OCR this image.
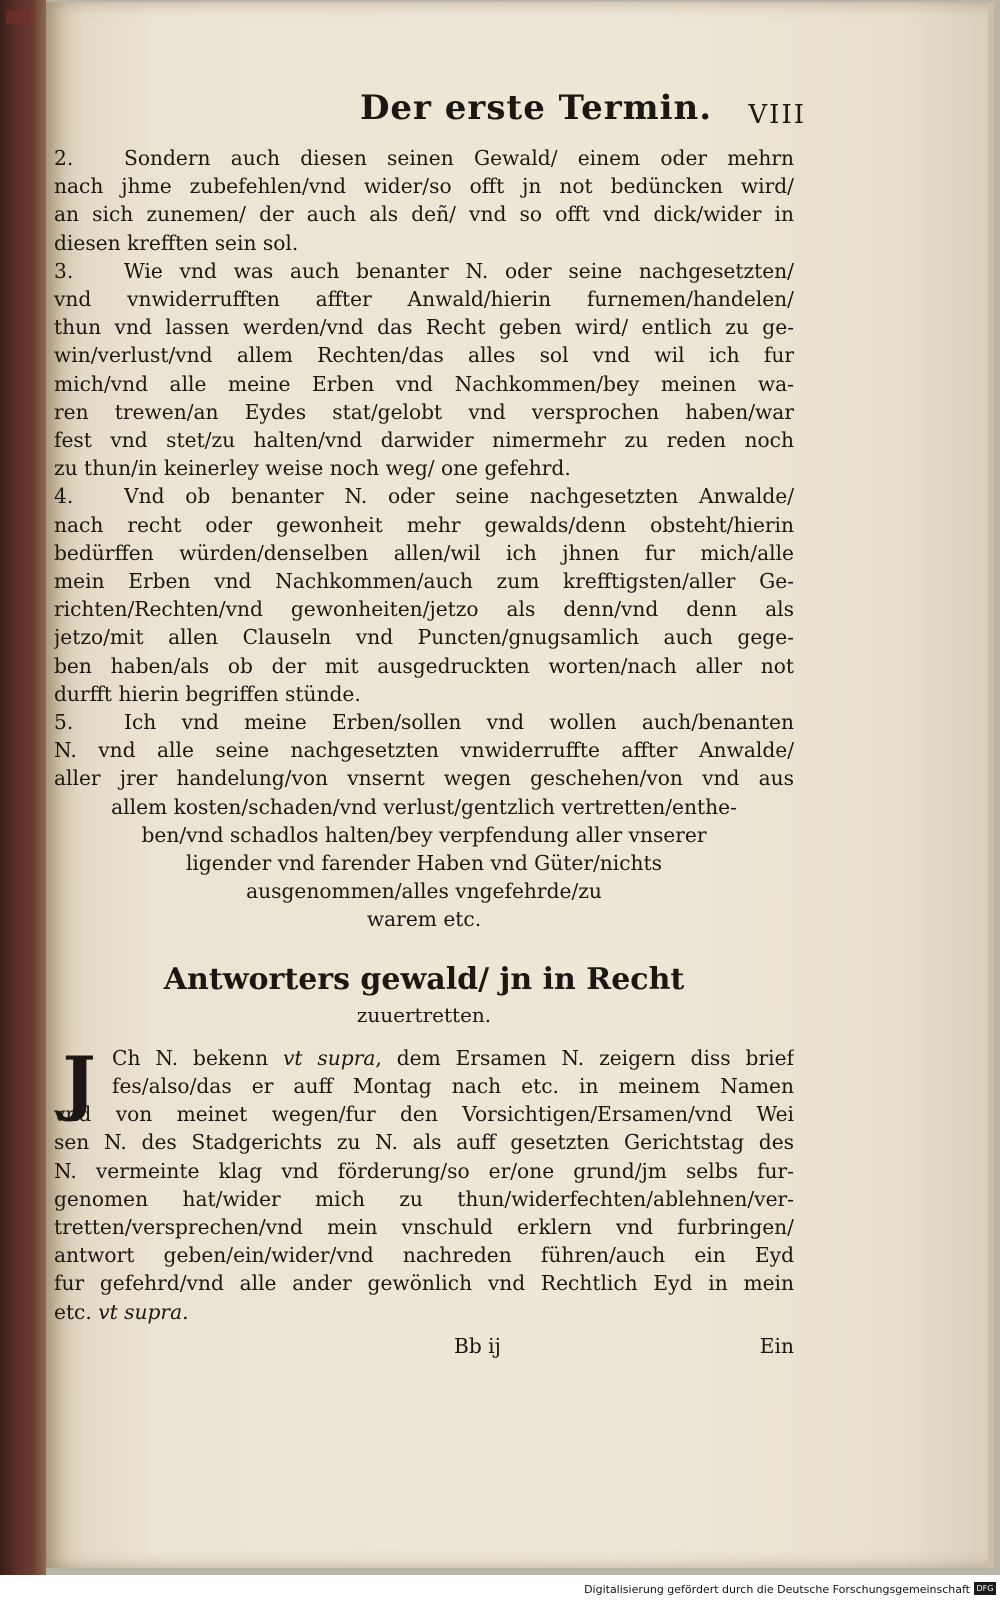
Der erste Termin.	VIII
2.	Sondern auch diesen seinen Gewald/ einem oder mehrn
nach jhme zubefehlen/vnd wider/so offt jn not bedüncken wird/
an sich zunemen/ der auch als deñ/ vnd so offt vnd dick/wider in
diesen krefften sein sol.
3.	Wie vnd was auch benanter N. oder seine nachgesetzten/
vnd vnwiderrufften affter Anwald/hierin furnemen/handelen/
thun vnd lassen werden/vnd das Recht geben wird/ entlich zu ge-
win/verlust/vnd allem Rechten/das alles sol vnd wil ich fur
mich/vnd alle meine Erben vnd Nachkommen/bey meinen wa-
ren trewen/an Eydes stat/gelobt vnd versprochen haben/war
fest vnd stet/zu halten/vnd darwider nimermehr zu reden noch
zu thun/in keinerley weise noch weg/ one gefehrd.
4.	Vnd ob benanter N. oder seine nachgesetzten Anwalde/
nach recht oder gewonheit mehr gewalds/denn obsteht/hierin
bedürffen würden/denselben allen/wil ich jhnen fur mich/alle
mein Erben vnd Nachkommen/auch zum krefftigsten/aller Ge-
richten/Rechten/vnd gewonheiten/jetzo als denn/vnd denn als
jetzo/mit allen Clauseln vnd Puncten/gnugsamlich auch gege-
ben haben/als ob der mit ausgedruckten worten/nach aller not
durfft hierin begriffen stünde.
5.	Ich vnd meine Erben/sollen vnd wollen auch/benanten
N. vnd alle seine nachgesetzten vnwiderruffte affter Anwalde/
aller jrer handelung/von vnsernt wegen geschehen/von vnd aus
allem kosten/schaden/vnd verlust/gentzlich vertretten/enthe-
ben/vnd schadlos halten/bey verpfendung aller vnserer
ligender vnd farender Haben vnd Güter/nichts
ausgenommen/alles vngefehrde/zu
warem etc.
Antworters gewald/ jn in Recht
zuuertretten.
J Ch N. bekenn vt supra, dem Ersamen N. zeigern diss brief
fes/also/das er auff Montag nach etc. in meinem Namen
vnd von meinet wegen/fur den Vorsichtigen/Ersamen/vnd Wei
sen N. des Stadgerichts zu N. als auff gesetzten Gerichtstag des
N. vermeinte klag vnd förderung/so er/one grund/jm selbs fur-
genomen hat/wider mich zu thun/widerfechten/ablehnen/ver-
tretten/versprechen/vnd mein vnschuld erklern vnd furbringen/
antwort geben/ein/wider/vnd nachreden führen/auch ein Eyd
fur gefehrd/vnd alle ander gewönlich vnd Rechtlich Eyd in mein
etc. vt supra.
Bb ij	Ein
Digitalisierung gefördert durch die Deutsche Forschungsgemeinschaft DFG
